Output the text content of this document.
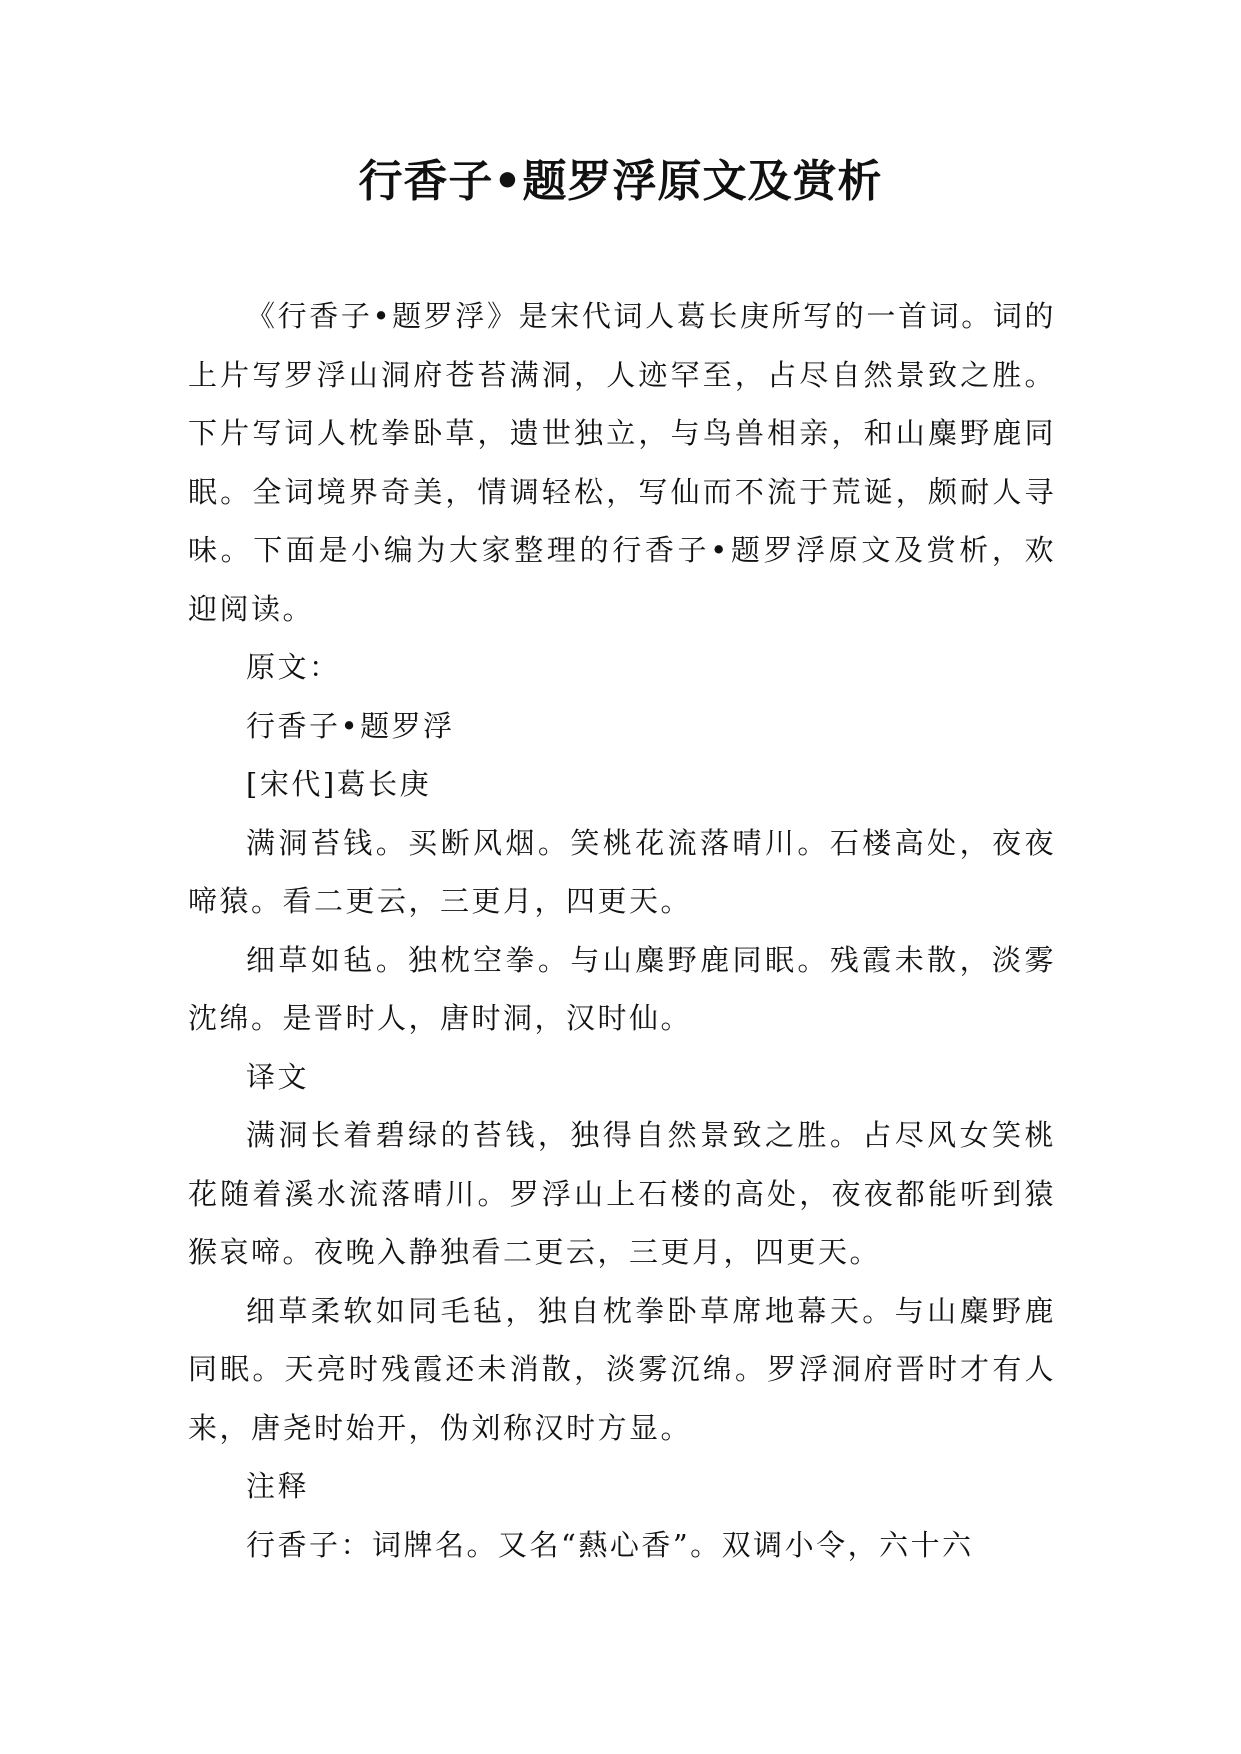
行香子•题罗浮原文及赏析

《行香子•题罗浮》是宋代词人葛长庚所写的一首词。词的上片写罗浮山洞府苍苔满洞，人迹罕至，占尽自然景致之胜。下片写词人枕拳卧草，遗世独立，与鸟兽相亲，和山麋野鹿同眠。全词境界奇美，情调轻松，写仙而不流于荒诞，颇耐人寻味。下面是小编为大家整理的行香子•题罗浮原文及赏析，欢迎阅读。

原文：

行香子•题罗浮

[宋代]葛长庚

满洞苔钱。买断风烟。笑桃花流落晴川。石楼高处，夜夜啼猿。看二更云，三更月，四更天。

细草如毡。独枕空拳。与山麋野鹿同眠。残霞未散，淡雾沈绵。是晋时人，唐时洞，汉时仙。

译文

满洞长着碧绿的苔钱，独得自然景致之胜。占尽风女笑桃花随着溪水流落晴川。罗浮山上石楼的高处，夜夜都能听到猿猴哀啼。夜晚入静独看二更云，三更月，四更天。

细草柔软如同毛毡，独自枕拳卧草席地幕天。与山麋野鹿同眠。天亮时残霞还未消散，淡雾沉绵。罗浮洞府晋时才有人来，唐尧时始开，伪刘称汉时方显。

注释

行香子：词牌名。又名“爇心香”。双调小令，六十六
